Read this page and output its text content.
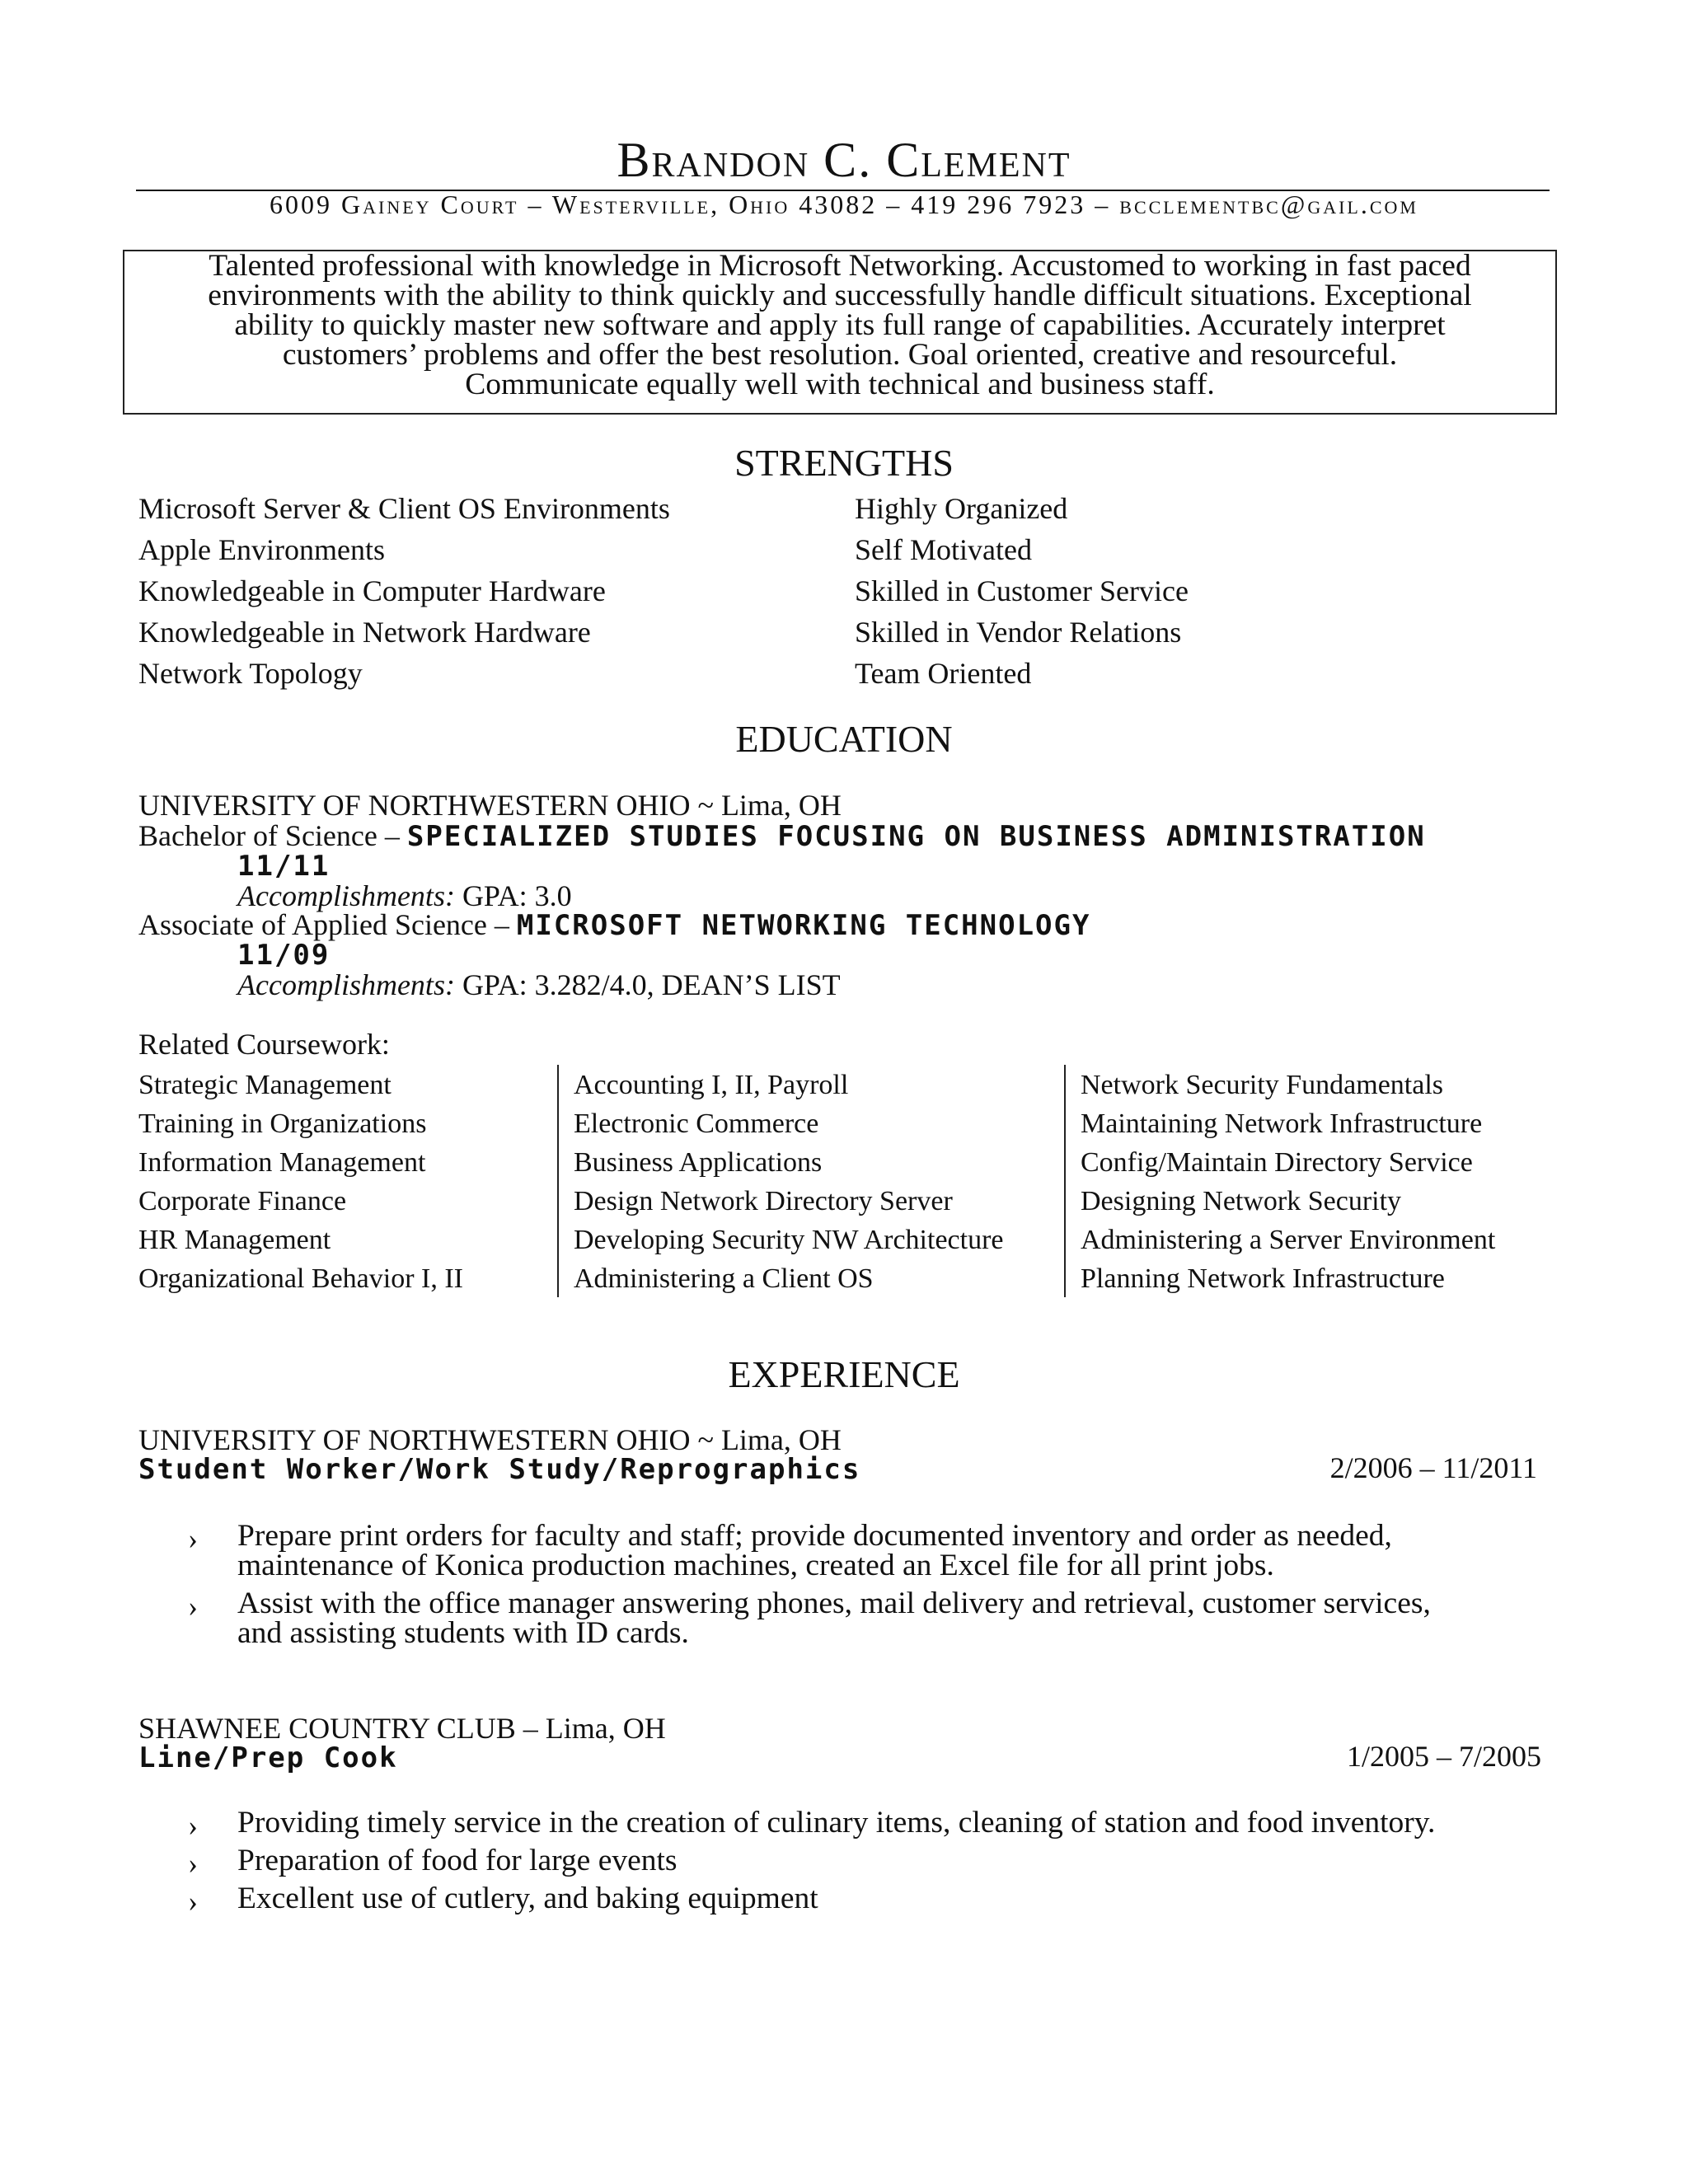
Brandon C. Clement
6009 Gainey Court – Westerville, Ohio 43082 – 419 296 7923 – bcclementbc@gail.com
Talented professional with knowledge in Microsoft Networking. Accustomed to working in fast paced
environments with the ability to think quickly and successfully handle difficult situations. Exceptional
ability to quickly master new software and apply its full range of capabilities. Accurately interpret
customers’ problems and offer the best resolution. Goal oriented, creative and resourceful.
Communicate equally well with technical and business staff.
STRENGTHS
Microsoft Server & Client OS Environments
Apple Environments
Knowledgeable in Computer Hardware
Knowledgeable in Network Hardware
Network Topology
Highly Organized
Self Motivated
Skilled in Customer Service
Skilled in Vendor Relations
Team Oriented
EDUCATION
UNIVERSITY OF NORTHWESTERN OHIO ~ Lima, OH
Bachelor of Science – SPECIALIZED STUDIES FOCUSING ON BUSINESS ADMINISTRATION
11/11
Accomplishments: GPA: 3.0
Associate of Applied Science – MICROSOFT NETWORKING TECHNOLOGY
11/09
Accomplishments: GPA: 3.282/4.0, DEAN’S LIST
Related Coursework:
Strategic Management
Training in Organizations
Information Management
Corporate Finance
HR Management
Organizational Behavior I, II
Accounting I, II, Payroll
Electronic Commerce
Business Applications
Design Network Directory Server
Developing Security NW Architecture
Administering a Client OS
Network Security Fundamentals
Maintaining Network Infrastructure
Config/Maintain Directory Service
Designing Network Security
Administering a Server Environment
Planning Network Infrastructure
EXPERIENCE
UNIVERSITY OF NORTHWESTERN OHIO ~ Lima, OH
Student Worker/Work Study/Reprographics	2/2006 – 11/2011
› Prepare print orders for faculty and staff; provide documented inventory and order as needed,
maintenance of Konica production machines, created an Excel file for all print jobs.
› Assist with the office manager answering phones, mail delivery and retrieval, customer services,
and assisting students with ID cards.
SHAWNEE COUNTRY CLUB – Lima, OH
Line/Prep Cook	1/2005 – 7/2005
› Providing timely service in the creation of culinary items, cleaning of station and food inventory.
› Preparation of food for large events
› Excellent use of cutlery, and baking equipment
